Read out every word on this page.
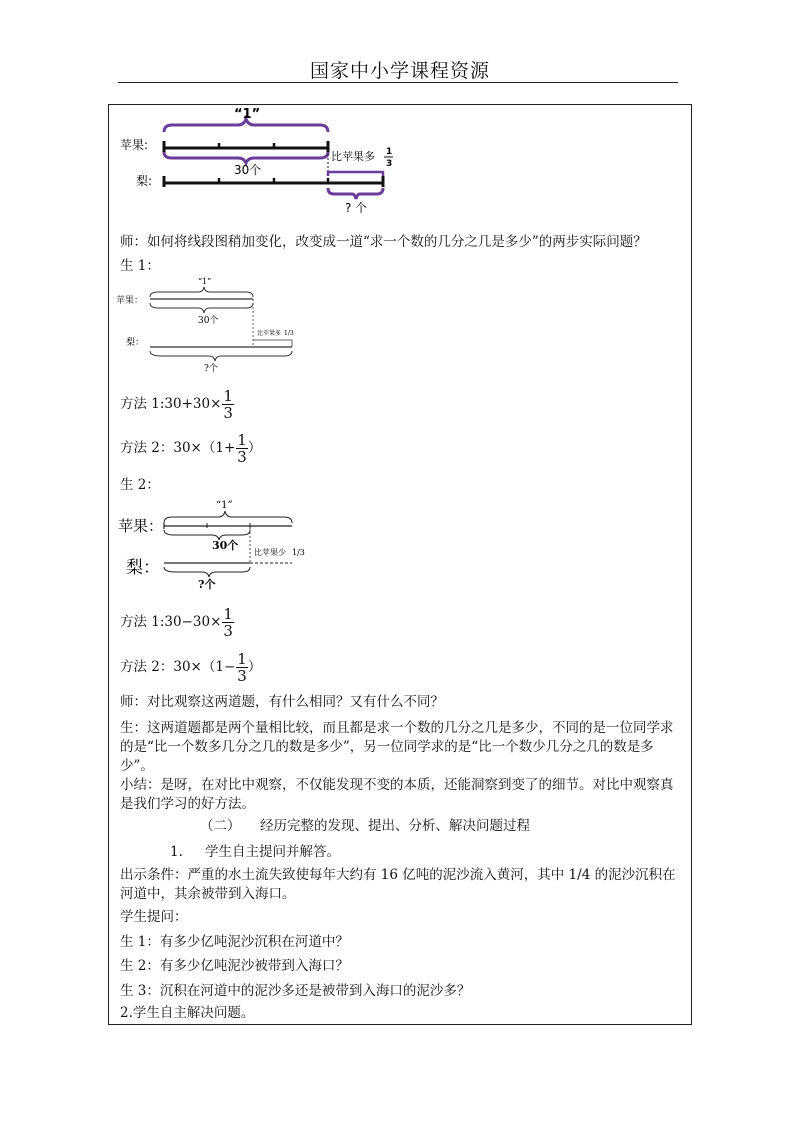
国家中小学课程资源
“1”
苹果:
30个
比苹果多 1
3
梨:
? 个
师：如何将线段图稍加变化，改变成一道“求一个数的几分之几是多少”的两步实际问题？
生 1：
“1”
苹果：
30个
比苹果多 1/3
梨：
?个
方法 1:30+30× $\frac{1}{3}$
方法 2：$30\times(1+ \frac{1}{3}$ ）
生 2：
“1”
苹果：
30个
比苹果少 1/3
梨：
?个
方法 1:30−30× $\frac{1}{3}$
方法 2：$30\times(1- \frac{1}{3}$ ）
师：对比观察这两道题，有什么相同？又有什么不同？
生：这两道题都是两个量相比较，而且都是求一个数的几分之几是多少，不同的是一位同学求的是“比一个数多几分之几的数是多少”，另一位同学求的是“比一个数少几分之几的数是多少”。
小结：是呀，在对比中观察，不仅能发现不变的本质，还能洞察到变了的细节。对比中观察真是我们学习的好方法。
（二） 经历完整的发现、提出、分析、解决问题过程
1. 学生自主提问并解答。
出示条件：严重的水土流失致使每年大约有 16 亿吨的泥沙流入黄河，其中 1/4 的泥沙沉积在河道中，其余被带到入海口。
学生提问：
生 1：有多少亿吨泥沙沉积在河道中？
生 2：有多少亿吨泥沙被带到入海口？
生 3：沉积在河道中的泥沙多还是被带到入海口的泥沙多？
2.学生自主解决问题。
